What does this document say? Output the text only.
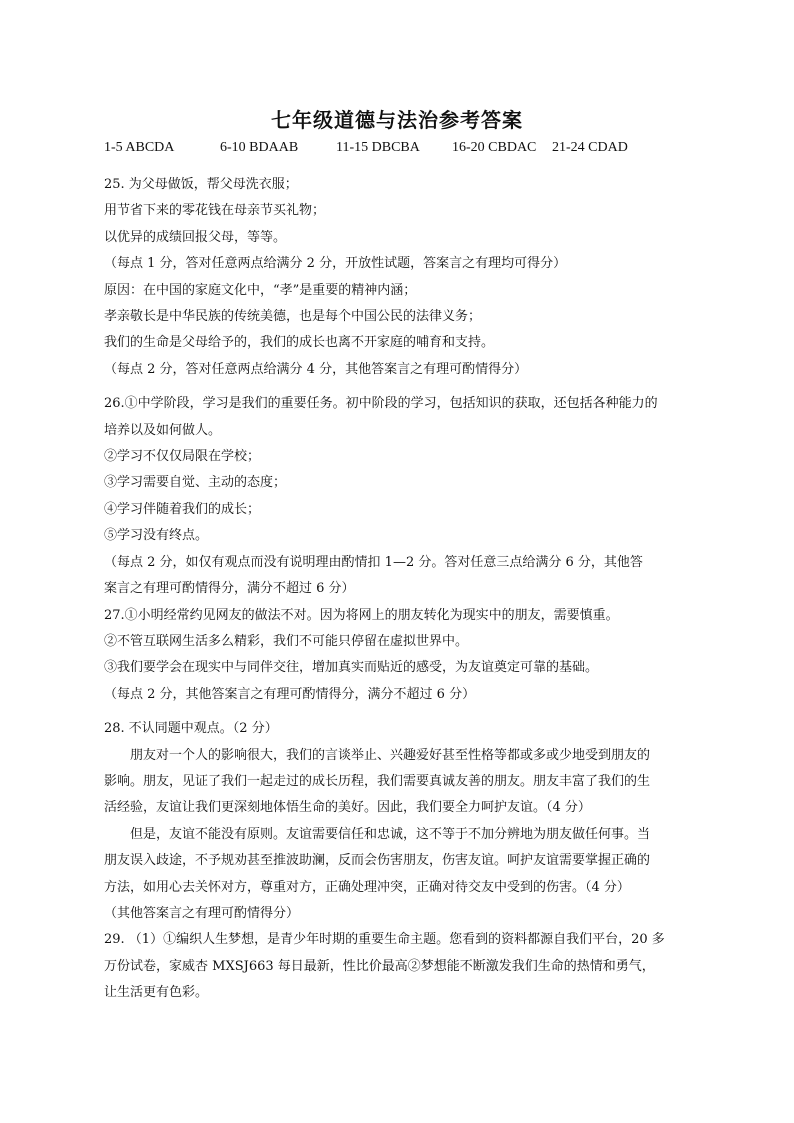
七年级道德与法治参考答案
1-5 ABCDA	6-10 BDAAB	11-15 DBCBA 16-20 CBDAC 21-24 CDAD

25. 为父母做饭，帮父母洗衣服；

用节省下来的零花钱在母亲节买礼物；

以优异的成绩回报父母，等等。

（每点 1 分，答对任意两点给满分 2 分，开放性试题，答案言之有理均可得分）

原因：在中国的家庭文化中，“孝”是重要的精神内涵；

孝亲敬长是中华民族的传统美德，也是每个中国公民的法律义务；

我们的生命是父母给予的，我们的成长也离不开家庭的哺育和支持。

（每点 2 分，答对任意两点给满分 4 分，其他答案言之有理可酌情得分）

26.①中学阶段，学习是我们的重要任务。初中阶段的学习，包括知识的获取，还包括各种能力的

培养以及如何做人。

②学习不仅仅局限在学校；

③学习需要自觉、主动的态度；

④学习伴随着我们的成长；

⑤学习没有终点。

（每点 2 分，如仅有观点而没有说明理由酌情扣 1—2 分。答对任意三点给满分 6 分，其他答

案言之有理可酌情得分，满分不超过 6 分）

27.①小明经常约见网友的做法不对。因为将网上的朋友转化为现实中的朋友，需要慎重。

②不管互联网生活多么精彩，我们不可能只停留在虚拟世界中。

③我们要学会在现实中与同伴交往，增加真实而贴近的感受，为友谊奠定可靠的基础。

（每点 2 分，其他答案言之有理可酌情得分，满分不超过 6 分）

28. 不认同题中观点。（2 分）

朋友对一个人的影响很大，我们的言谈举止、兴趣爱好甚至性格等都或多或少地受到朋友的

影响。朋友，见证了我们一起走过的成长历程，我们需要真诚友善的朋友。朋友丰富了我们的生

活经验，友谊让我们更深刻地体悟生命的美好。因此，我们要全力呵护友谊。（4 分）

但是，友谊不能没有原则。友谊需要信任和忠诚，这不等于不加分辨地为朋友做任何事。当

朋友误入歧途，不予规劝甚至推波助澜，反而会伤害朋友，伤害友谊。呵护友谊需要掌握正确的

方法，如用心去关怀对方，尊重对方，正确处理冲突，正确对待交友中受到的伤害。（4 分）

（其他答案言之有理可酌情得分）

29. （1）①编织人生梦想，是青少年时期的重要生命主题。您看到的资料都源自我们平台，20 多

万份试卷，家威杏 MXSJ663 每日最新，性比价最高②梦想能不断激发我们生命的热情和勇气，

让生活更有色彩。
